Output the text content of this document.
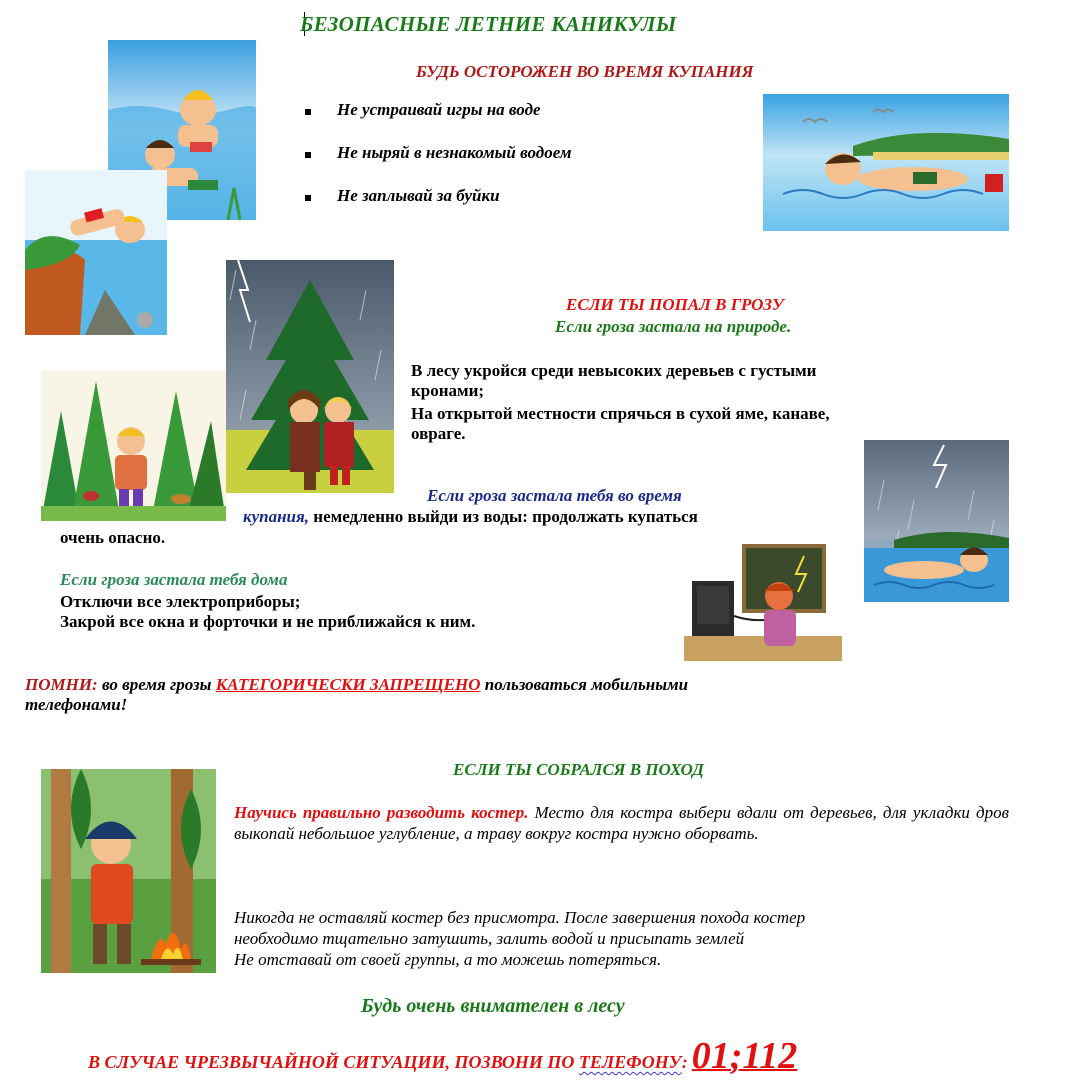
БЕЗОПАСНЫЕ ЛЕТНИЕ КАНИКУЛЫ
БУДЬ ОСТОРОЖЕН ВО ВРЕМЯ КУПАНИЯ
Не устраивай игры на воде
Не ныряй в незнакомый водоем
Не заплывай за буйки
ЕСЛИ ТЫ ПОПАЛ В ГРОЗУ
Если гроза застала на природе.
В лесу укройся среди невысоких деревьев с густыми
кронами;
На открытой местности спрячься в сухой яме, канаве,
овраге.
Если гроза застала тебя во время
купания, немедленно выйди из воды: продолжать купаться
очень опасно.
Если гроза застала тебя дома
Отключи все электроприборы;
Закрой все окна и форточки и не приближайся к ним.
ПОМНИ: во время грозы КАТЕГОРИЧЕСКИ ЗАПРЕЩЕНО пользоваться мобильными
телефонами!
ЕСЛИ ТЫ СОБРАЛСЯ В ПОХОД
Научись правильно разводить костер. Место для костра выбери вдали от деревьев, для укладки дров выкопай небольшое углубление, а траву вокруг костра нужно оборвать.
Никогда не оставляй костер без присмотра. После завершения похода костер
необходимо тщательно затушить, залить водой и присыпать землей
Не отставай от своей группы, а то можешь потеряться.
Будь очень внимателен в лесу
В СЛУЧАЕ ЧРЕЗВЫЧАЙНОЙ СИТУАЦИИ, ПОЗВОНИ ПО ТЕЛЕФОНУ: 01;112
